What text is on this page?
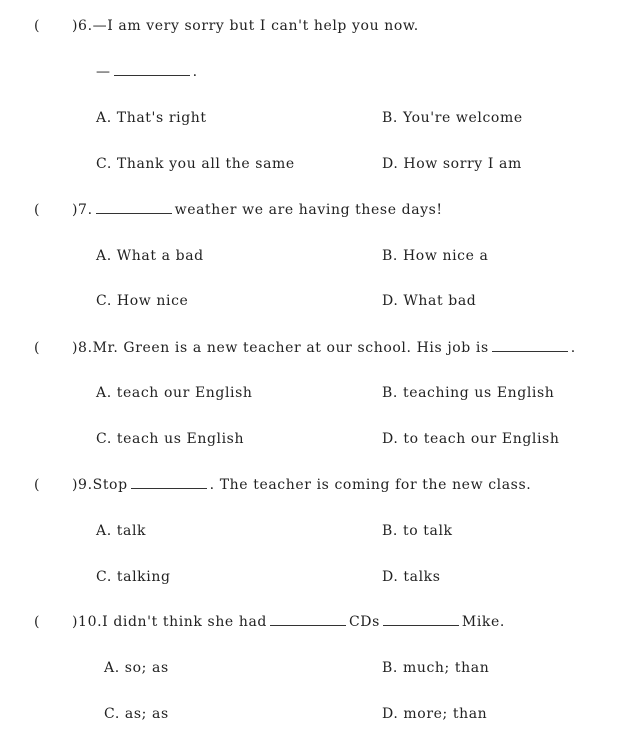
( )6.—I am very sorry but I can't help you now.
—	.
A. That's right	B. You're welcome
C. Thank you all the same	D. How sorry I am
( )7.	weather we are having these days!
A. What a bad	B. How nice a
C. How nice	D. What bad
( )8.Mr. Green is a new teacher at our school. His job is	.
A. teach our English	B. teaching us English
C. teach us English	D. to teach our English
( )9.Stop	. The teacher is coming for the new class.
A. talk	B. to talk
C. talking	D. talks
( )10.I didn't think she had	CDs	Mike.
A. so; as	B. much; than
C. as; as	D. more; than
